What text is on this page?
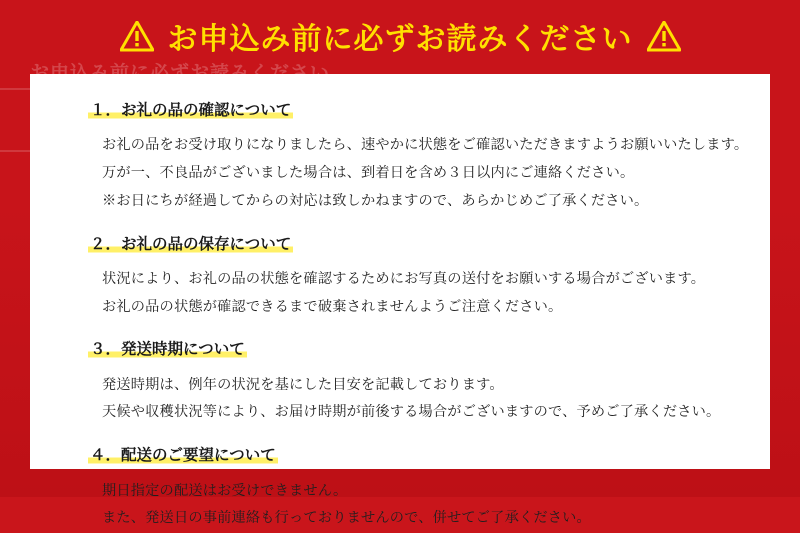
お申込み前に必ずお読みください
１．お礼の品の確認について
お礼の品をお受け取りになりましたら、速やかに状態をご確認いただきますようお願いいたします。
万が一、不良品がございました場合は、到着日を含め３日以内にご連絡ください。
※お日にちが経過してからの対応は致しかねますので、あらかじめご了承ください。
２．お礼の品の保存について
状況により、お礼の品の状態を確認するためにお写真の送付をお願いする場合がございます。
お礼の品の状態が確認できるまで破棄されませんようご注意ください。
３．発送時期について
発送時期は、例年の状況を基にした目安を記載しております。
天候や収穫状況等により、お届け時期が前後する場合がございますので、予めご了承ください。
４．配送のご要望について
期日指定の配送はお受けできません。
また、発送日の事前連絡も行っておりませんので、併せてご了承ください。
